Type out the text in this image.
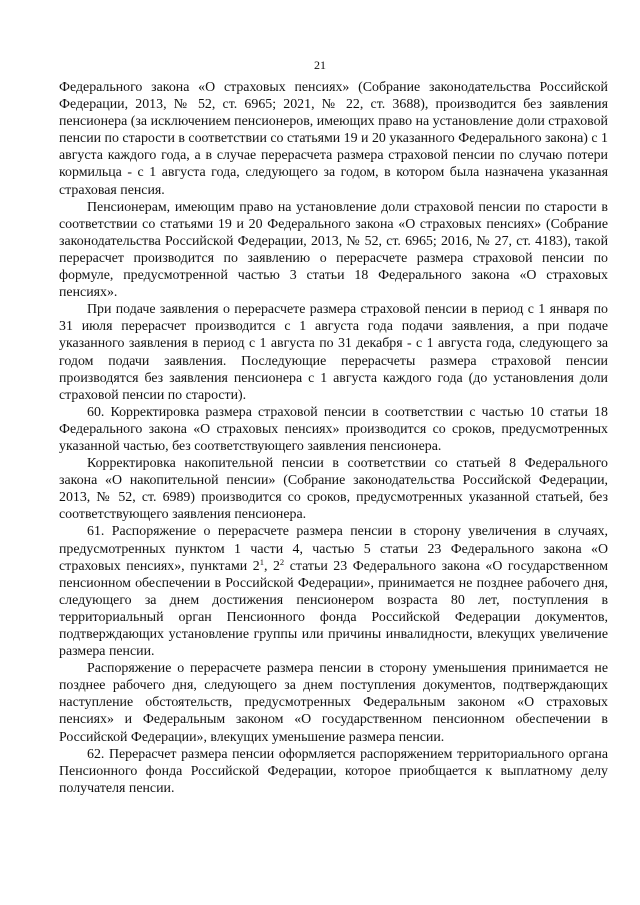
21

Федерального закона «О страховых пенсиях» (Собрание законодательства Российской Федерации, 2013, № 52, ст. 6965; 2021, № 22, ст. 3688), производится без заявления пенсионера (за исключением пенсионеров, имеющих право на установление доли страховой пенсии по старости в соответствии со статьями 19 и 20 указанного Федерального закона) с 1 августа каждого года, а в случае перерасчета размера страховой пенсии по случаю потери кормильца - с 1 августа года, следующего за годом, в котором была назначена указанная страховая пенсия.

Пенсионерам, имеющим право на установление доли страховой пенсии по старости в соответствии со статьями 19 и 20 Федерального закона «О страховых пенсиях» (Собрание законодательства Российской Федерации, 2013, № 52, ст. 6965; 2016, № 27, ст. 4183), такой перерасчет производится по заявлению о перерасчете размера страховой пенсии по формуле, предусмотренной частью 3 статьи 18 Федерального закона «О страховых пенсиях».

При подаче заявления о перерасчете размера страховой пенсии в период с 1 января по 31 июля перерасчет производится с 1 августа года подачи заявления, а при подаче указанного заявления в период с 1 августа по 31 декабря - с 1 августа года, следующего за годом подачи заявления. Последующие перерасчеты размера страховой пенсии производятся без заявления пенсионера с 1 августа каждого года (до установления доли страховой пенсии по старости).

60. Корректировка размера страховой пенсии в соответствии с частью 10 статьи 18 Федерального закона «О страховых пенсиях» производится со сроков, предусмотренных указанной частью, без соответствующего заявления пенсионера.

Корректировка накопительной пенсии в соответствии со статьей 8 Федерального закона «О накопительной пенсии» (Собрание законодательства Российской Федерации, 2013, № 52, ст. 6989) производится со сроков, предусмотренных указанной статьей, без соответствующего заявления пенсионера.

61. Распоряжение о перерасчете размера пенсии в сторону увеличения в случаях, предусмотренных пунктом 1 части 4, частью 5 статьи 23 Федерального закона «О страховых пенсиях», пунктами $2^1$, $2^2$ статьи 23 Федерального закона «О государственном пенсионном обеспечении в Российской Федерации», принимается не позднее рабочего дня, следующего за днем достижения пенсионером возраста 80 лет, поступления в территориальный орган Пенсионного фонда Российской Федерации документов, подтверждающих установление группы или причины инвалидности, влекущих увеличение размера пенсии.

Распоряжение о перерасчете размера пенсии в сторону уменьшения принимается не позднее рабочего дня, следующего за днем поступления документов, подтверждающих наступление обстоятельств, предусмотренных Федеральным законом «О страховых пенсиях» и Федеральным законом «О государственном пенсионном обеспечении в Российской Федерации», влекущих уменьшение размера пенсии.

62. Перерасчет размера пенсии оформляется распоряжением территориального органа Пенсионного фонда Российской Федерации, которое приобщается к выплатному делу получателя пенсии.
